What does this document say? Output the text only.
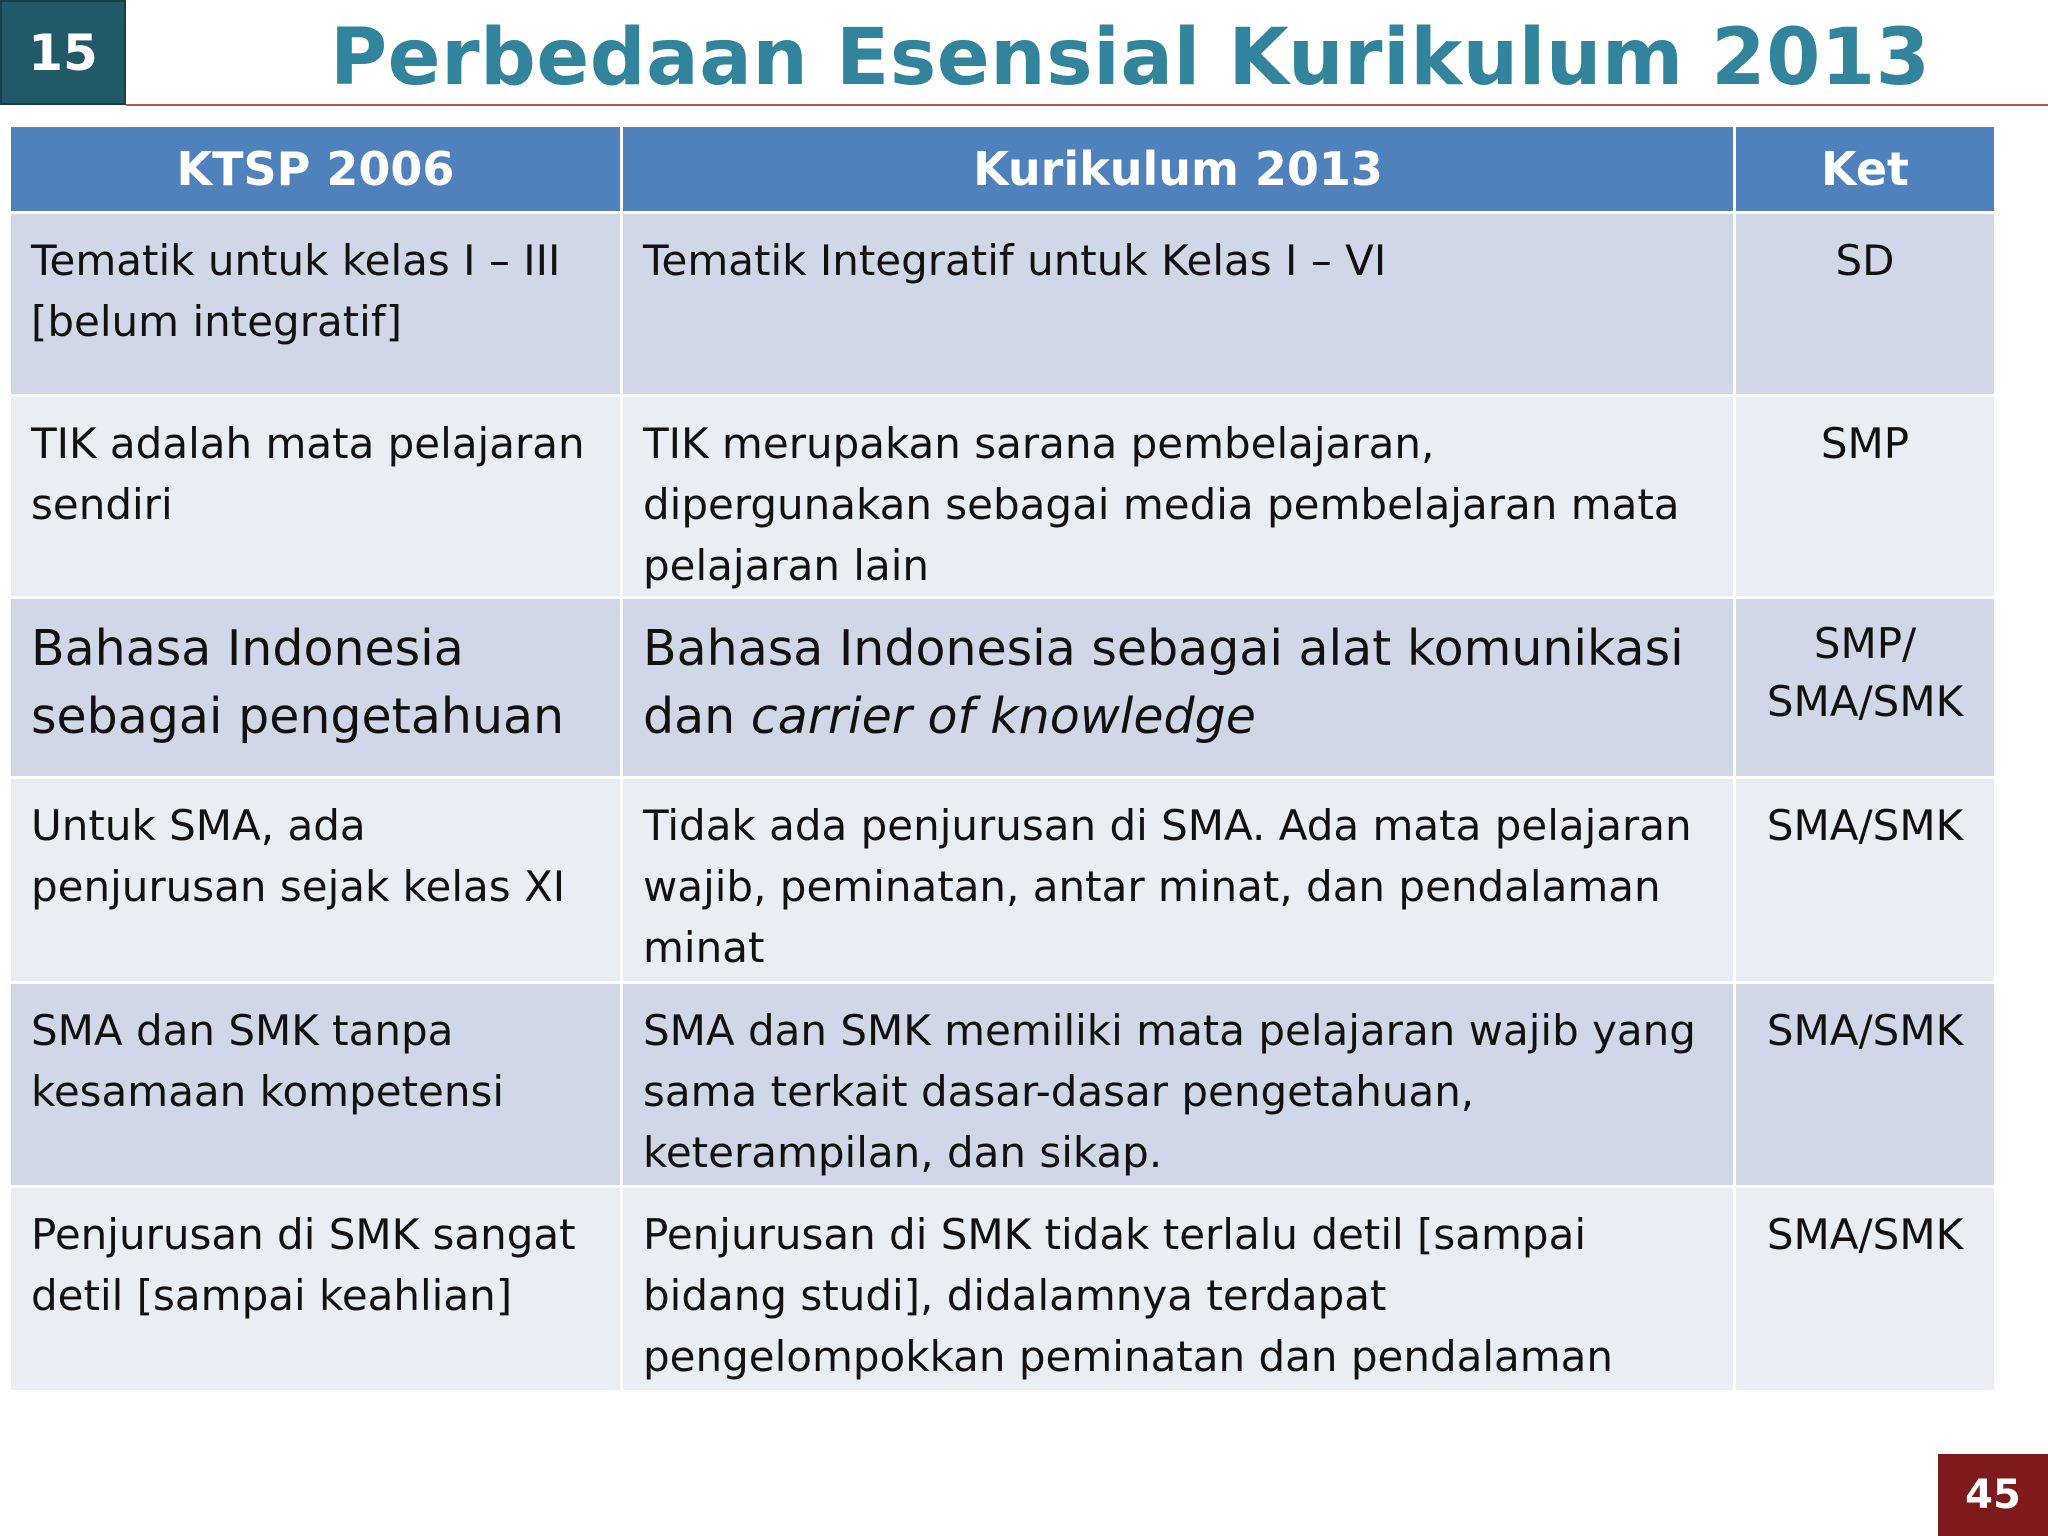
15	Perbedaan Esensial Kurikulum 2013
KTSP 2006	Kurikulum 2013	Ket
Tematik untuk kelas I – III [belum integratif]	Tematik Integratif untuk Kelas I – VI	SD
TIK adalah mata pelajaran sendiri	TIK merupakan sarana pembelajaran, dipergunakan sebagai media pembelajaran mata pelajaran lain	SMP
Bahasa Indonesia sebagai pengetahuan	Bahasa Indonesia sebagai alat komunikasi dan carrier of knowledge	SMP/ SMA/SMK
Untuk SMA, ada penjurusan sejak kelas XI	Tidak ada penjurusan di SMA. Ada mata pelajaran wajib, peminatan, antar minat, dan pendalaman minat	SMA/SMK
SMA dan SMK tanpa kesamaan kompetensi	SMA dan SMK memiliki mata pelajaran wajib yang sama terkait dasar-dasar pengetahuan, keterampilan, dan sikap.	SMA/SMK
Penjurusan di SMK sangat detil [sampai keahlian]	Penjurusan di SMK tidak terlalu detil [sampai bidang studi], didalamnya terdapat pengelompokkan peminatan dan pendalaman	SMA/SMK
45
